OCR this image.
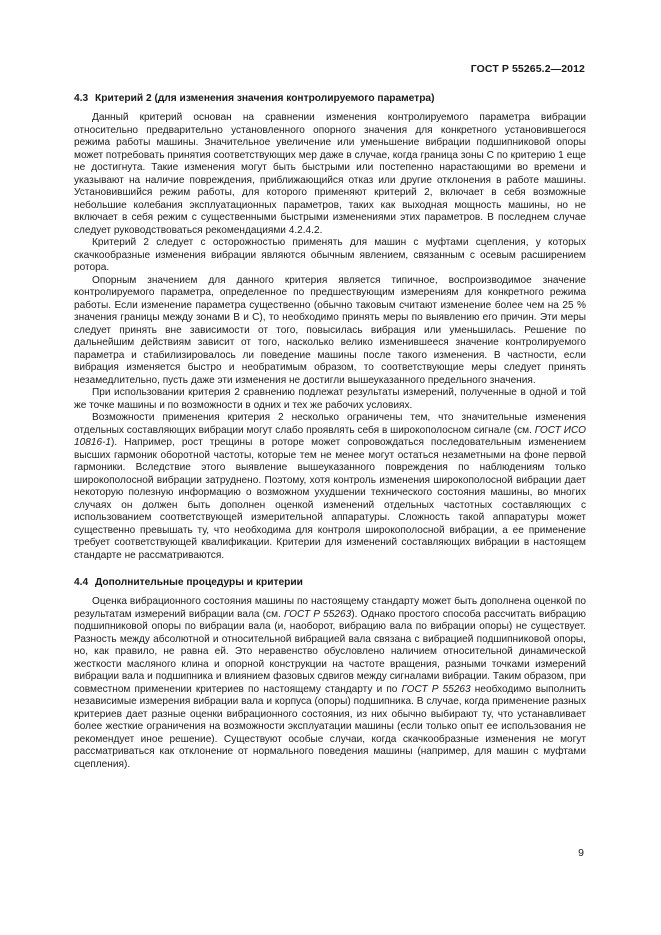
ГОСТ Р 55265.2—2012
4.3 Критерий 2 (для изменения значения контролируемого параметра)

Данный критерий основан на сравнении изменения контролируемого параметра вибрации относительно предварительно установленного опорного значения для конкретного установившегося режима работы машины. Значительное увеличение или уменьшение вибрации подшипниковой опоры может потребовать принятия соответствующих мер даже в случае, когда граница зоны С по критерию 1 еще не достигнута. Такие изменения могут быть быстрыми или постепенно нарастающими во времени и указывают на наличие повреждения, приближающийся отказ или другие отклонения в работе машины. Установившийся режим работы, для которого применяют критерий 2, включает в себя возможные небольшие колебания эксплуатационных параметров, таких как выходная мощность машины, но не включает в себя режим с существенными быстрыми изменениями этих параметров. В последнем случае следует руководствоваться рекомендациями 4.2.4.2.

Критерий 2 следует с осторожностью применять для машин с муфтами сцепления, у которых скачкообразные изменения вибрации являются обычным явлением, связанным с осевым расширением ротора.

Опорным значением для данного критерия является типичное, воспроизводимое значение контролируемого параметра, определенное по предшествующим измерениям для конкретного режима работы. Если изменение параметра существенно (обычно таковым считают изменение более чем на 25 % значения границы между зонами В и С), то необходимо принять меры по выявлению его причин. Эти меры следует принять вне зависимости от того, повысилась вибрация или уменьшилась. Решение по дальнейшим действиям зависит от того, насколько велико изменившееся значение контролируемого параметра и стабилизировалось ли поведение машины после такого изменения. В частности, если вибрация изменяется быстро и необратимым образом, то соответствующие меры следует принять незамедлительно, пусть даже эти изменения не достигли вышеуказанного предельного значения.

При использовании критерия 2 сравнению подлежат результаты измерений, полученные в одной и той же точке машины и по возможности в одних и тех же рабочих условиях.

Возможности применения критерия 2 несколько ограничены тем, что значительные изменения отдельных составляющих вибрации могут слабо проявлять себя в широкополосном сигнале (см. ГОСТ ИСО 10816-1). Например, рост трещины в роторе может сопровождаться последовательным изменением высших гармоник оборотной частоты, которые тем не менее могут остаться незаметными на фоне первой гармоники. Вследствие этого выявление вышеуказанного повреждения по наблюдениям только широкополосной вибрации затруднено. Поэтому, хотя контроль изменения широкополосной вибрации дает некоторую полезную информацию о возможном ухудшении технического состояния машины, во многих случаях он должен быть дополнен оценкой изменений отдельных частотных составляющих с использованием соответствующей измерительной аппаратуры. Сложность такой аппаратуры может существенно превышать ту, что необходима для контроля широкополосной вибрации, а ее применение требует соответствующей квалификации. Критерии для изменений составляющих вибрации в настоящем стандарте не рассматриваются.

4.4 Дополнительные процедуры и критерии

Оценка вибрационного состояния машины по настоящему стандарту может быть дополнена оценкой по результатам измерений вибрации вала (см. ГОСТ Р 55263). Однако простого способа рассчитать вибрацию подшипниковой опоры по вибрации вала (и, наоборот, вибрацию вала по вибрации опоры) не существует. Разность между абсолютной и относительной вибрацией вала связана с вибрацией подшипниковой опоры, но, как правило, не равна ей. Это неравенство обусловлено наличием относительной динамической жесткости масляного клина и опорной конструкции на частоте вращения, разными точками измерений вибрации вала и подшипника и влиянием фазовых сдвигов между сигналами вибрации. Таким образом, при совместном применении критериев по настоящему стандарту и по ГОСТ Р 55263 необходимо выполнить независимые измерения вибрации вала и корпуса (опоры) подшипника. В случае, когда применение разных критериев дает разные оценки вибрационного состояния, из них обычно выбирают ту, что устанавливает более жесткие ограничения на возможности эксплуатации машины (если только опыт ее использования не рекомендует иное решение). Существуют особые случаи, когда скачкообразные изменения не могут рассматриваться как отклонение от нормального поведения машины (например, для машин с муфтами сцепления).

9
